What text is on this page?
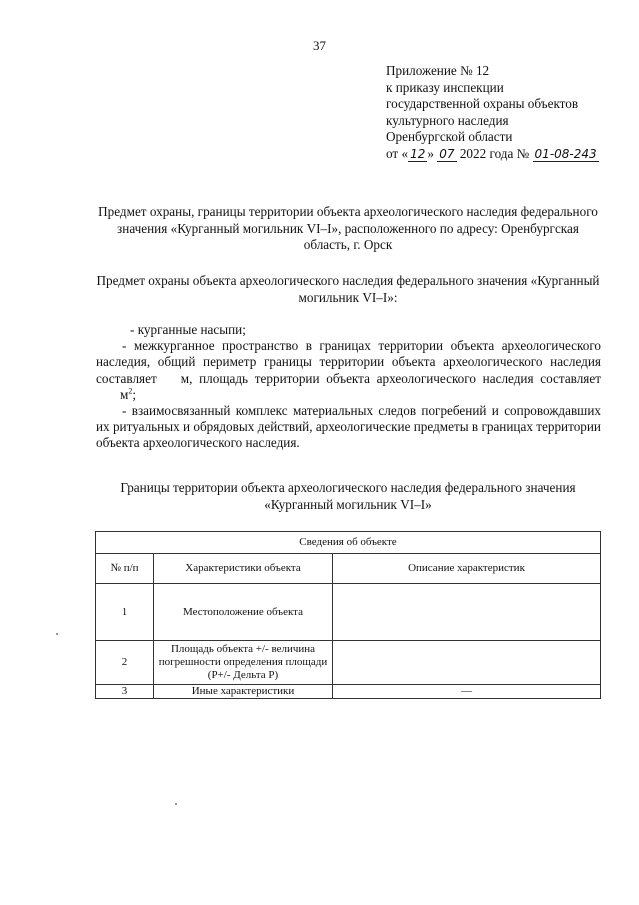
37
Приложение № 12
к приказу инспекции
государственной охраны объектов
культурного наследия
Оренбургской области
от « 12 » 07 2022 года № 01-08-243
Предмет охраны, границы территории объекта археологического наследия федерального значения «Курганный могильник VI–I», расположенного по адресу: Оренбургская область, г. Орск
Предмет охраны объекта археологического наследия федерального значения «Курганный могильник VI–I»:

- курганные насыпи;

- межкурганное пространство в границах территории объекта археологического наследия, общий периметр границы территории объекта археологического наследия составляет м, площадь территории объекта археологического наследия составляетм$^2$;

- взаимосвязанный комплекс материальных следов погребений и сопровождавших их ритуальных и обрядовых действий, археологические предметы в границах территории объекта археологического наследия.

Границы территории объекта археологического наследия федерального значения «Курганный могильник VI–I»
Сведения об объекте		
№ п/п	Характеристики объекта	Описание характеристик
1	Местоположение объекта	
2	Площадь объекта +/- величина погрешности определения площади (Р+/- Дельта Р)	
3	Иные характеристики	—
